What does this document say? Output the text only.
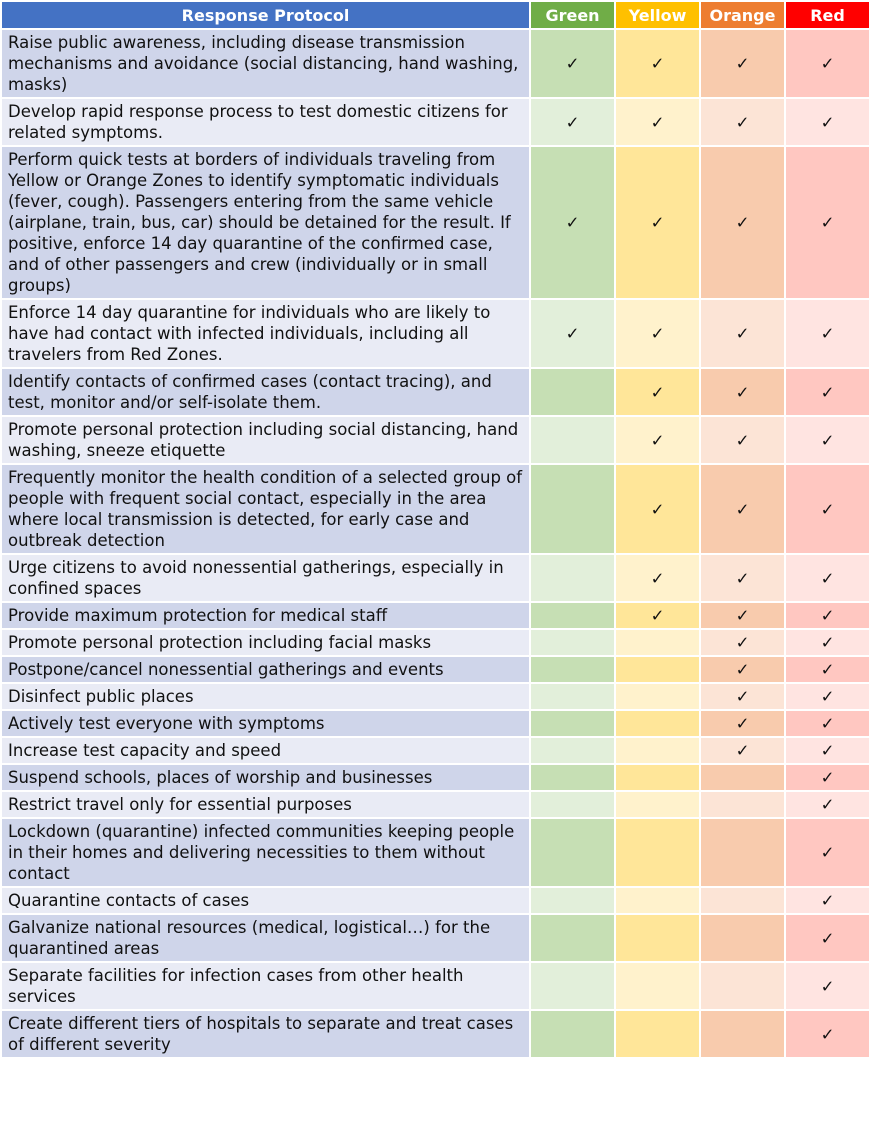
Response Protocol	Green	Yellow	Orange	Red
Raise public awareness, including disease transmission mechanisms and avoidance (social distancing, hand washing, masks)	✓	✓	✓	✓
Develop rapid response process to test domestic citizens for related symptoms.	✓	✓	✓	✓
Perform quick tests at borders of individuals traveling from Yellow or Orange Zones to identify symptomatic individuals (fever, cough). Passengers entering from the same vehicle (airplane, train, bus, car) should be detained for the result. If positive, enforce 14 day quarantine of the confirmed case, and of other passengers and crew (individually or in small groups)	✓	✓	✓	✓
Enforce 14 day quarantine for individuals who are likely to have had contact with infected individuals, including all travelers from Red Zones.	✓	✓	✓	✓
Identify contacts of confirmed cases (contact tracing), and test, monitor and/or self-isolate them.		✓	✓	✓
Promote personal protection including social distancing, hand washing, sneeze etiquette		✓	✓	✓
Frequently monitor the health condition of a selected group of people with frequent social contact, especially in the area where local transmission is detected, for early case and outbreak detection		✓	✓	✓
Urge citizens to avoid nonessential gatherings, especially in confined spaces		✓	✓	✓
Provide maximum protection for medical staff		✓	✓	✓
Promote personal protection including facial masks			✓	✓
Postpone/cancel nonessential gatherings and events			✓	✓
Disinfect public places			✓	✓
Actively test everyone with symptoms			✓	✓
Increase test capacity and speed			✓	✓
Suspend schools, places of worship and businesses				✓
Restrict travel only for essential purposes				✓
Lockdown (quarantine) infected communities keeping people in their homes and delivering necessities to them without contact				✓
Quarantine contacts of cases				✓
Galvanize national resources (medical, logistical…) for the quarantined areas				✓
Separate facilities for infection cases from other health services				✓
Create different tiers of hospitals to separate and treat cases of different severity				✓
